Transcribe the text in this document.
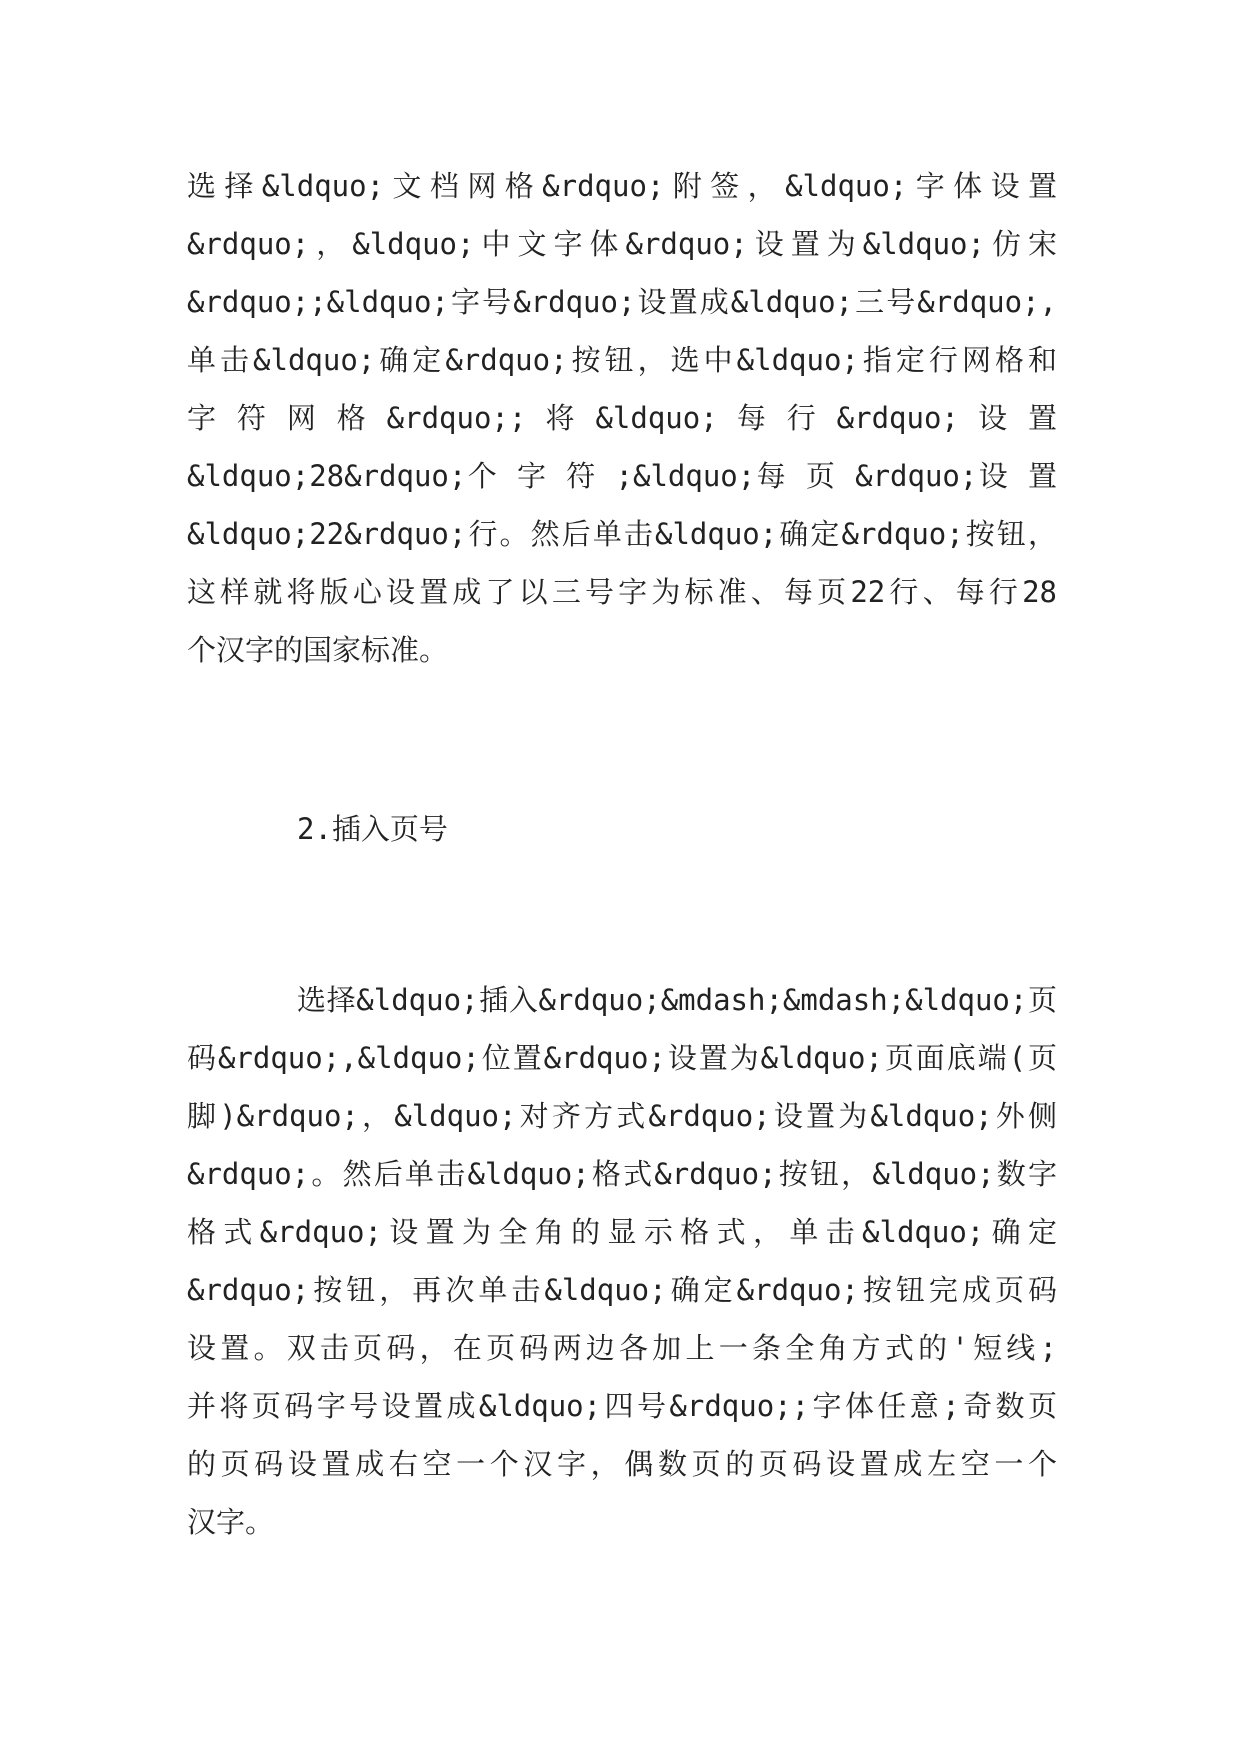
选择&ldquo;文档网格&rdquo;附签，&ldquo;字体设置
&rdquo;，&ldquo;中文字体&rdquo;设置为&ldquo;仿宋
&rdquo;;&ldquo;字号&rdquo;设置成&ldquo;三号&rdquo;,
单击&ldquo;确定&rdquo;按钮，选中&ldquo;指定行网格和
字 符 网 格 &rdquo;; 将 &ldquo; 每 行 &rdquo; 设 置
&ldquo;28&rdquo;个 字 符 ;&ldquo;每 页 &rdquo;设 置
&ldquo;22&rdquo;行。然后单击&ldquo;确定&rdquo;按钮，
这样就将版心设置成了以三号字为标准、每页22行、每行28
个汉字的国家标准。
2.插入页号
选择&ldquo;插入&rdquo;&mdash;&mdash;&ldquo;页
码&rdquo;,&ldquo;位置&rdquo;设置为&ldquo;页面底端(页
脚)&rdquo;，&ldquo;对齐方式&rdquo;设置为&ldquo;外侧
&rdquo;。然后单击&ldquo;格式&rdquo;按钮，&ldquo;数字
格式&rdquo;设置为全角的显示格式，单击&ldquo;确定
&rdquo;按钮，再次单击&ldquo;确定&rdquo;按钮完成页码
设置。双击页码，在页码两边各加上一条全角方式的'短线;
并将页码字号设置成&ldquo;四号&rdquo;;字体任意;奇数页
的页码设置成右空一个汉字，偶数页的页码设置成左空一个
汉字。
